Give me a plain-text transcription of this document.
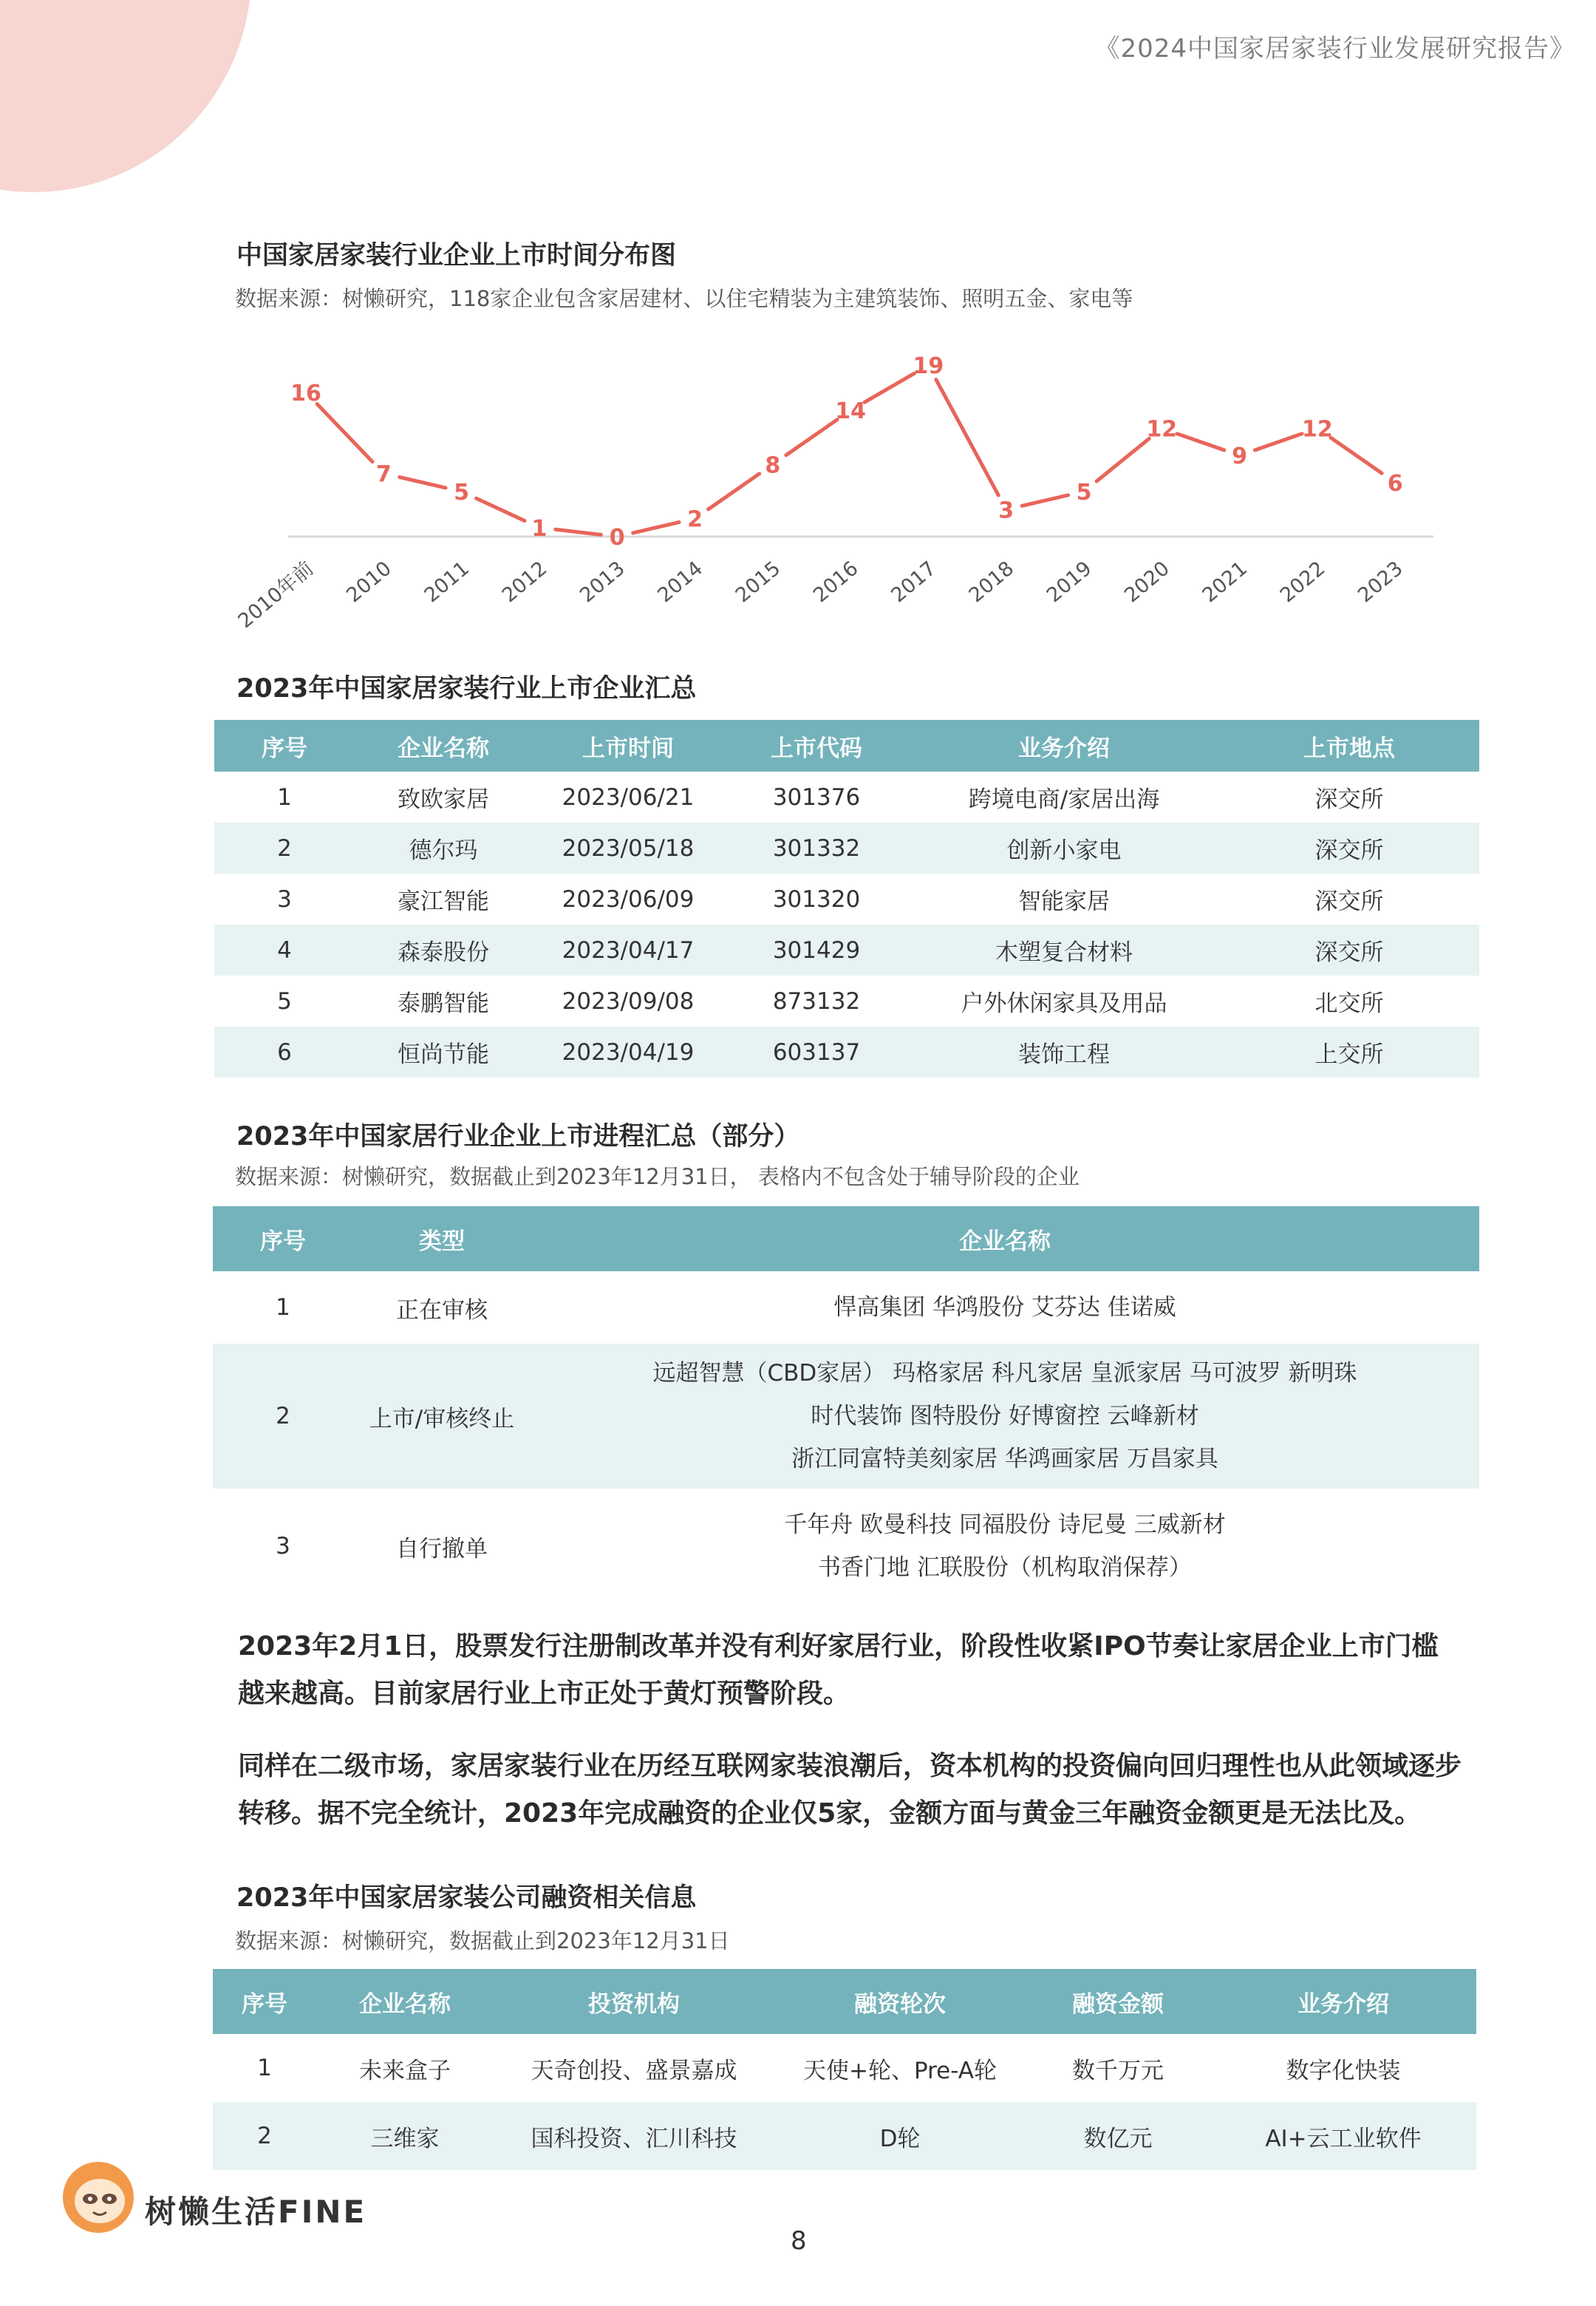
《2024中国家居家装行业发展研究报告》
中国家居家装行业企业上市时间分布图
数据来源：树懒研究，118家企业包含家居建材、以住宅精装为主建筑装饰、照明五金、家电等
16
7
5
1	0
2
8
14
19
3
5
12
9
12
6
2010年前 2010 2011 2012 2013 2014 2015 2016 2017 2018 2019 2020 2021 2022 2023
2023年中国家居家装行业上市企业汇总
序号	企业名称	上市时间	上市代码	业务介绍	上市地点
1	致欧家居	2023/06/21	301376	跨境电商/家居出海	深交所
2	德尔玛	2023/05/18	301332	创新小家电	深交所
3	豪江智能	2023/06/09	301320	智能家居	深交所
4	森泰股份	2023/04/17	301429	木塑复合材料	深交所
5	泰鹏智能	2023/09/08	873132	户外休闲家具及用品	北交所
6	恒尚节能	2023/04/19	603137	装饰工程	上交所
2023年中国家居行业企业上市进程汇总（部分）
数据来源：树懒研究，数据截止到2023年12月31日， 表格内不包含处于辅导阶段的企业
序号	类型	企业名称
1	正在审核	悍高集团 华鸿股份 艾芬达 佳诺威

2	上市/审核终止	远超智慧（CBD家居） 玛格家居 科凡家居 皇派家居 马可波罗 新明珠
时代装饰 图特股份 好博窗控 云峰新材
浙江同富特美刻家居 华鸿画家居 万昌家具

3	自行撤单	千年舟 欧曼科技 同福股份 诗尼曼 三威新材
书香门地 汇联股份（机构取消保荐）
2023年2月1日，股票发行注册制改革并没有利好家居行业，阶段性收紧IPO节奏让家居企业上市门槛越来越高。目前家居行业上市正处于黄灯预警阶段。
同样在二级市场，家居家装行业在历经互联网家装浪潮后，资本机构的投资偏向回归理性也从此领域逐步转移。据不完全统计，2023年完成融资的企业仅5家，金额方面与黄金三年融资金额更是无法比及。
2023年中国家居家装公司融资相关信息
数据来源：树懒研究，数据截止到2023年12月31日
序号	企业名称	投资机构	融资轮次	融资金额	业务介绍
1	未来盒子	天奇创投、盛景嘉成	天使+轮、Pre-A轮	数千万元	数字化快装
2	三维家	国科投资、汇川科技	D轮	数亿元	AI+云工业软件
树懒生活FINE
8
